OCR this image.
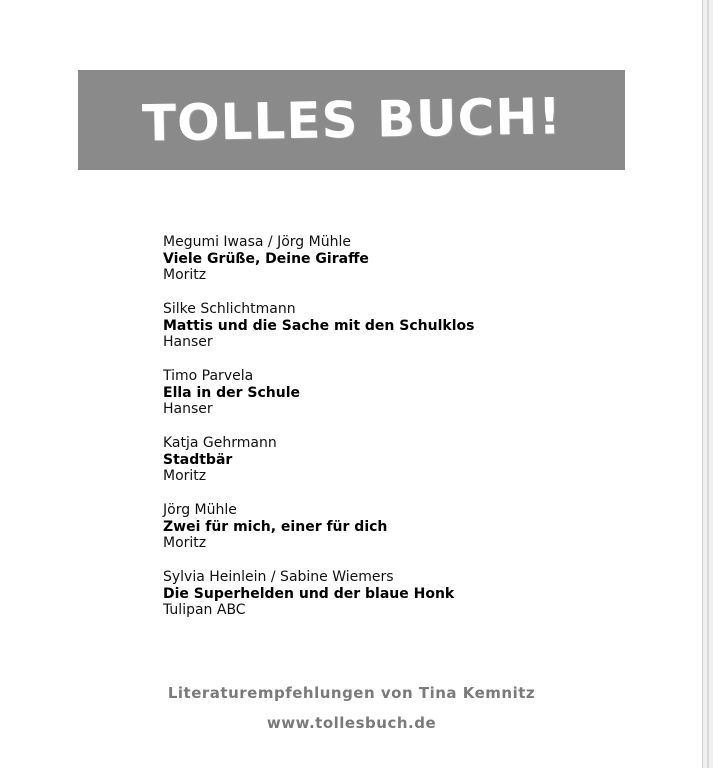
TOLLES BUCH!
Megumi Iwasa / Jörg Mühle
Viele Grüße, Deine Giraffe
Moritz
Silke Schlichtmann
Mattis und die Sache mit den Schulklos
Hanser
Timo Parvela
Ella in der Schule
Hanser
Katja Gehrmann
Stadtbär
Moritz
Jörg Mühle
Zwei für mich, einer für dich
Moritz
Sylvia Heinlein / Sabine Wiemers
Die Superhelden und der blaue Honk
Tulipan ABC
Literaturempfehlungen von Tina Kemnitz
www.tollesbuch.de
